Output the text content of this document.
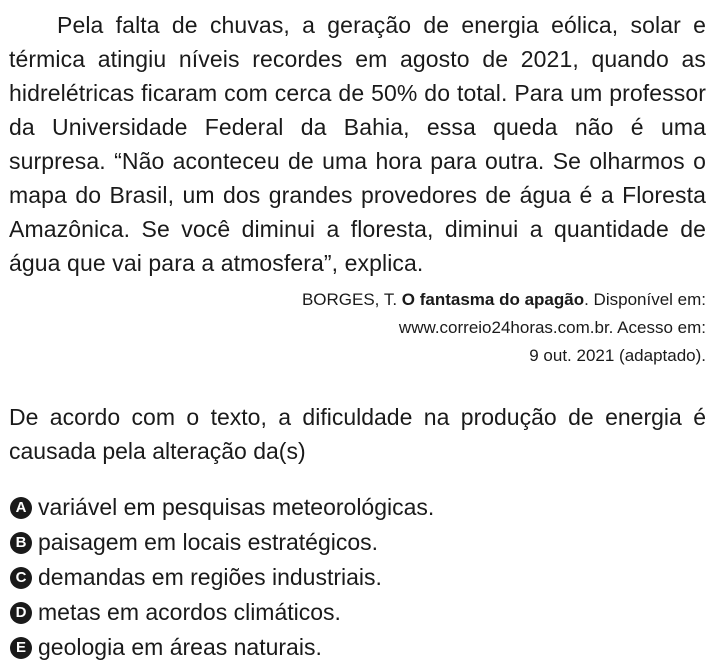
Pela falta de chuvas, a geração de energia eólica, solar e térmica atingiu níveis recordes em agosto de 2021, quando as hidrelétricas ficaram com cerca de 50% do total. Para um professor da Universidade Federal da Bahia, essa queda não é uma surpresa. “Não aconteceu de uma hora para outra. Se olharmos o mapa do Brasil, um dos grandes provedores de água é a Floresta Amazônica. Se você diminui a floresta, diminui a quantidade de água que vai para a atmosfera”, explica.

BORGES, T. O fantasma do apagão. Disponível em:
www.correio24horas.com.br. Acesso em:
9 out. 2021 (adaptado).

De acordo com o texto, a dificuldade na produção de energia é causada pela alteração da(s)

A variável em pesquisas meteorológicas.
B paisagem em locais estratégicos.
C demandas em regiões industriais.
D metas em acordos climáticos.
E geologia em áreas naturais.
